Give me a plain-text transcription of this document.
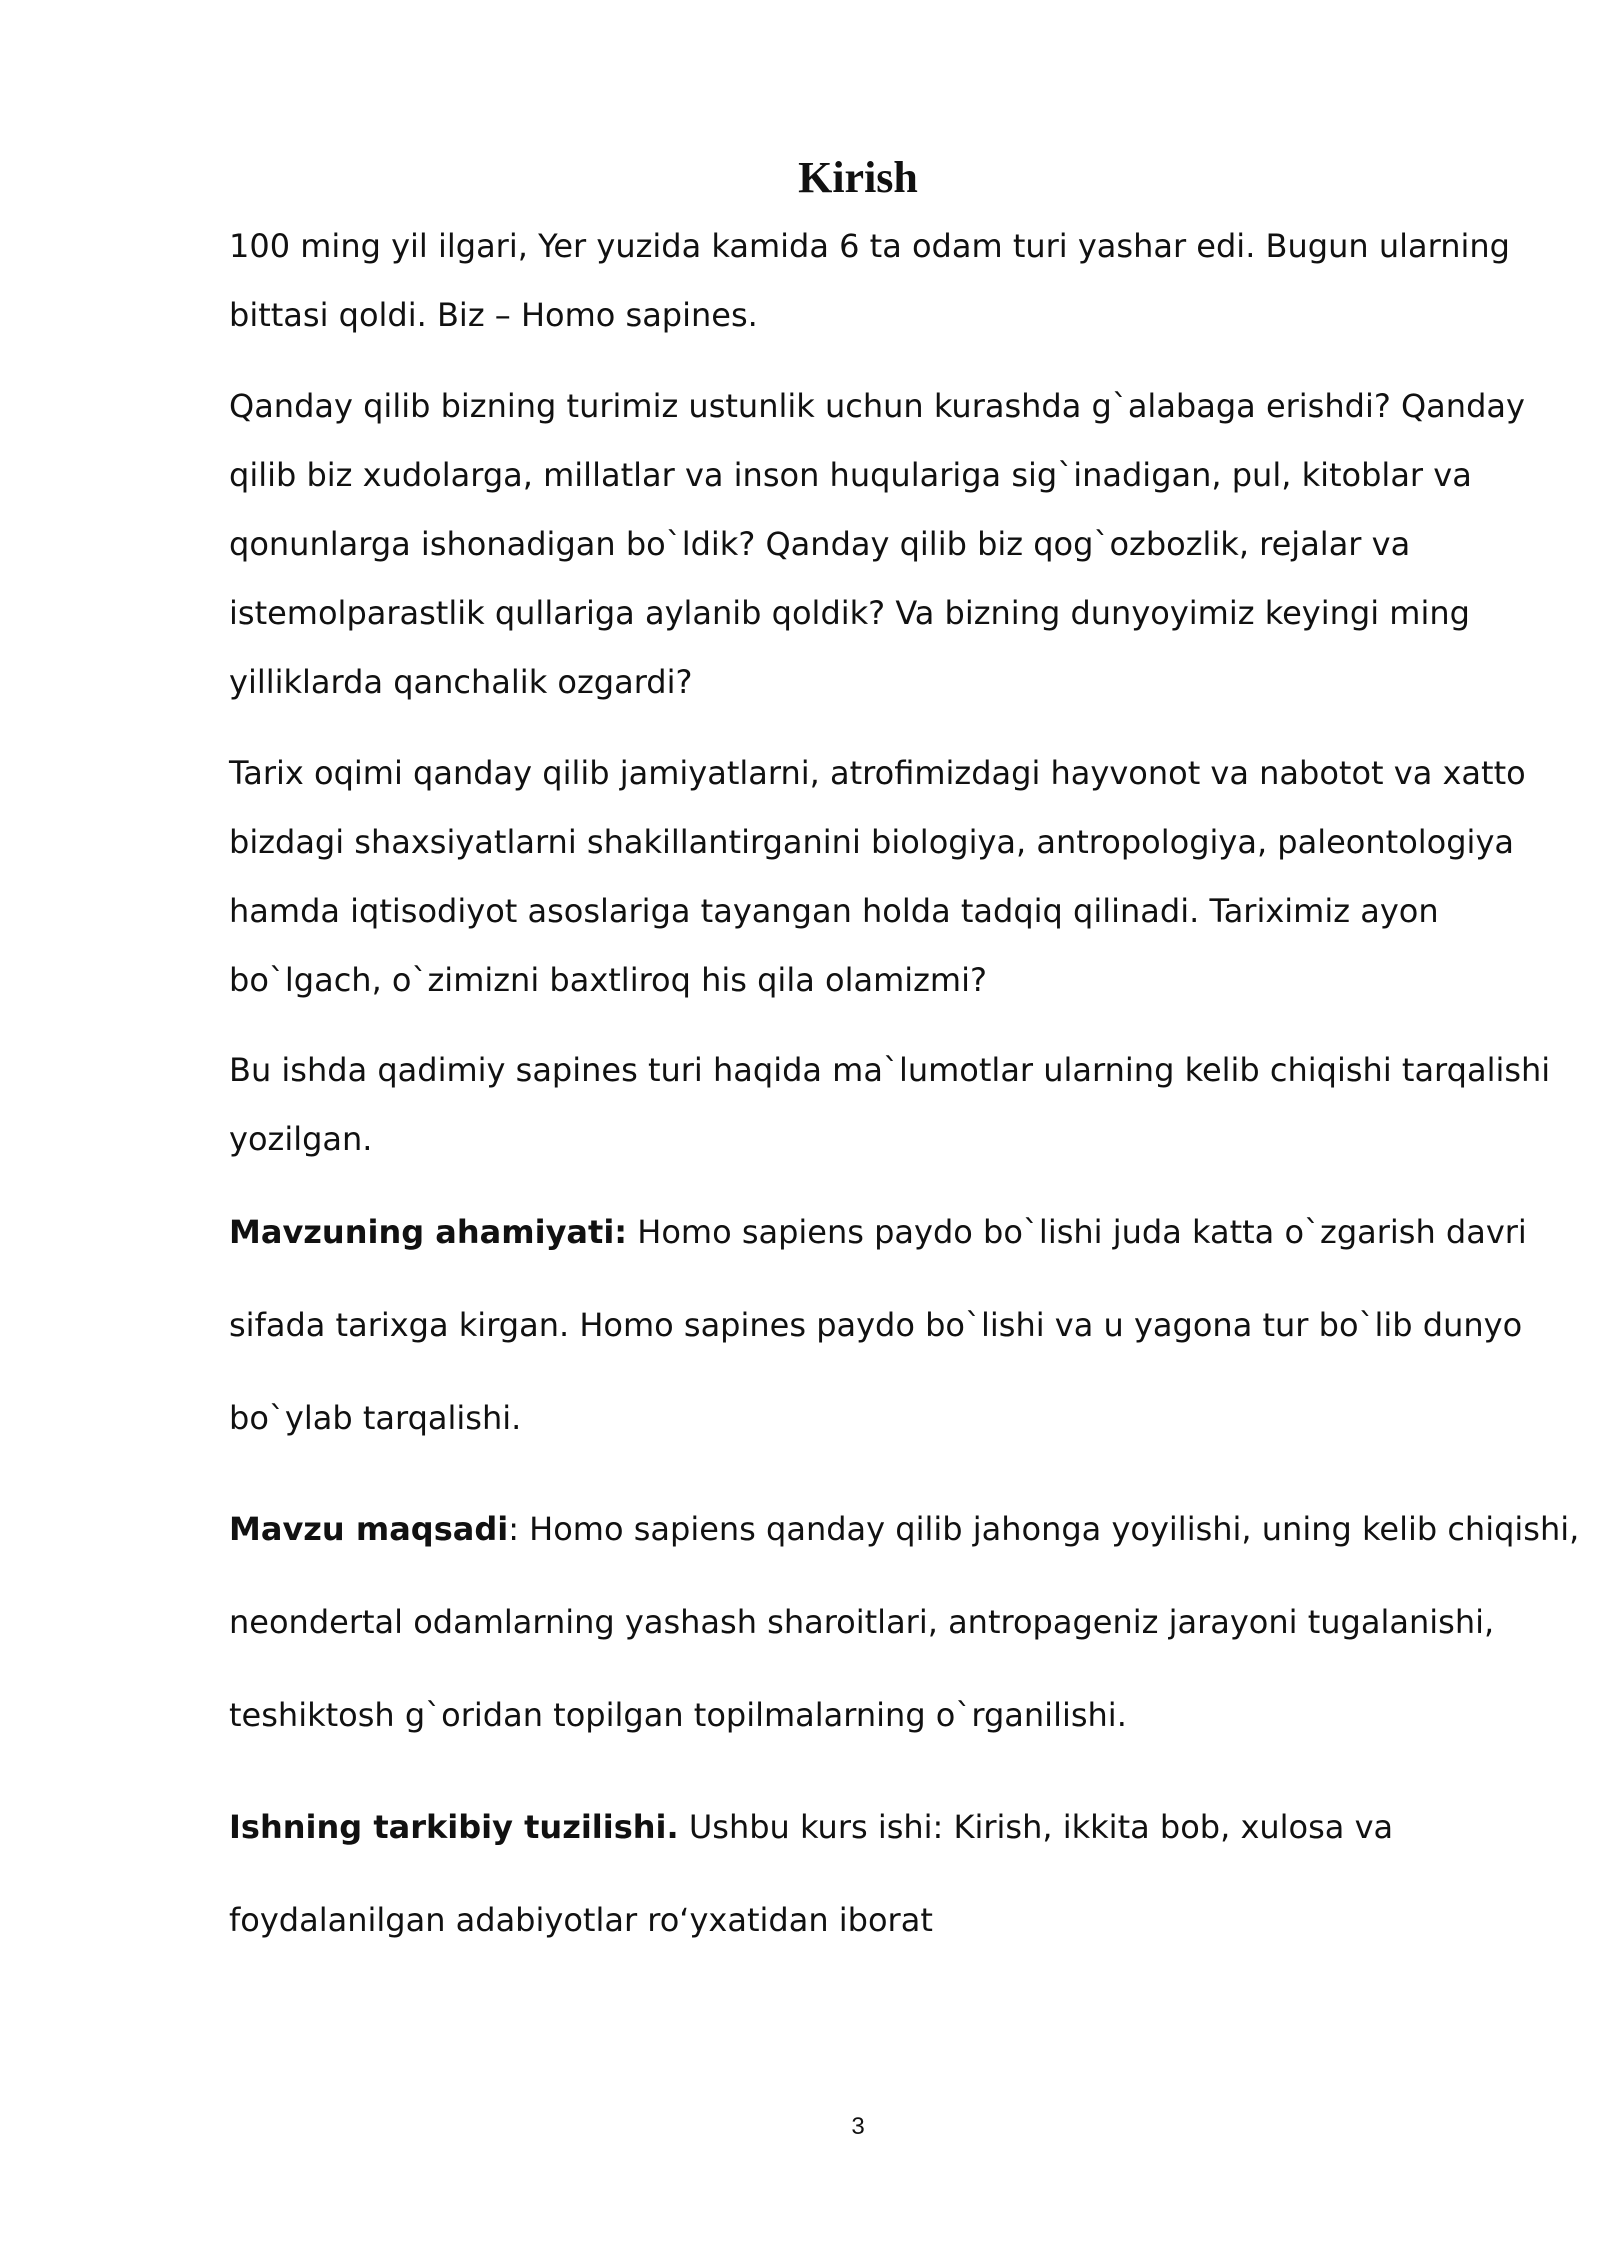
Kirish
100 ming yil ilgari, Yer yuzida kamida 6 ta odam turi yashar edi. Bugun ularning
bittasi qoldi. Biz – Homo sapines.
Qanday qilib bizning turimiz ustunlik uchun kurashda g`alabaga erishdi? Qanday
qilib biz xudolarga, millatlar va inson huqulariga sig`inadigan, pul, kitoblar va
qonunlarga ishonadigan bo`ldik? Qanday qilib biz qog`ozbozlik, rejalar va
istemolparastlik qullariga aylanib qoldik? Va bizning dunyoyimiz keyingi ming
yilliklarda qanchalik ozgardi?
Tarix oqimi qanday qilib jamiyatlarni, atrofimizdagi hayvonot va nabotot va xatto
bizdagi shaxsiyatlarni shakillantirganini biologiya, antropologiya, paleontologiya
hamda iqtisodiyot asoslariga tayangan holda tadqiq qilinadi. Tariximiz ayon
bo`lgach, o`zimizni baxtliroq his qila olamizmi?
Bu ishda qadimiy sapines turi haqida ma`lumotlar ularning kelib chiqishi tarqalishi
yozilgan.
Mavzuning ahamiyati: Homo sapiens paydo bo`lishi juda katta o`zgarish davri
sifada tarixga kirgan. Homo sapines paydo bo`lishi va u yagona tur bo`lib dunyo
bo`ylab tarqalishi.
Mavzu maqsadi: Homo sapiens qanday qilib jahonga yoyilishi, uning kelib chiqishi,
neondertal odamlarning yashash sharoitlari, antropageniz jarayoni tugalanishi,
teshiktosh g`oridan topilgan topilmalarning o`rganilishi.
Ishning tarkibiy tuzilishi. Ushbu kurs ishi: Kirish, ikkita bob, xulosa va
foydalanilgan adabiyotlar ro‘yxatidan iborat
3
